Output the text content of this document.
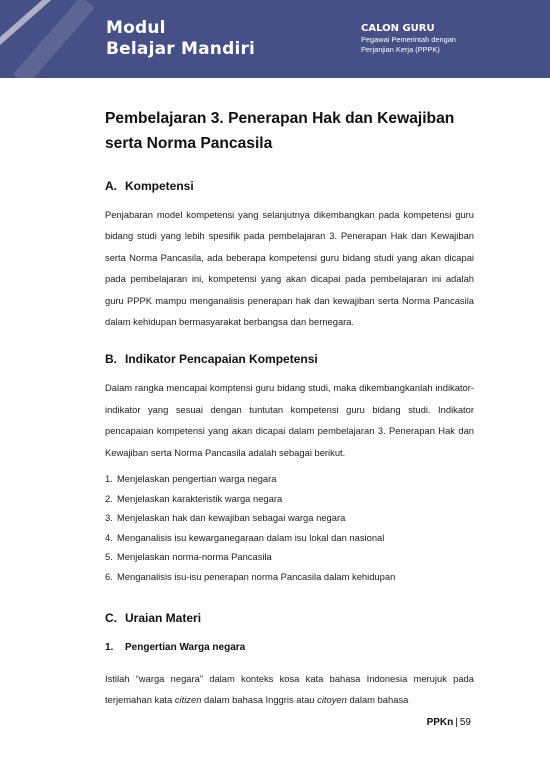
Modul
Belajar Mandiri
CALON GURU
Pegawai Pemerintah dengan
Perjanjian Kerja (PPPK)
Pembelajaran 3. Penerapan Hak dan Kewajiban
serta Norma Pancasila
A. Kompetensi

Penjabaran model kompetensi yang selanjutnya dikembangkan pada kompetensi guru bidang studi yang lebih spesifik pada pembelajaran 3. Penerapan Hak dan Kewajiban serta Norma Pancasila, ada beberapa kompetensi guru bidang studi yang akan dicapai pada pembelajaran ini, kompetensi yang akan dicapai pada pembelajaran ini adalah guru PPPK mampu menganalisis penerapan hak dan kewajiban serta Norma Pancasila dalam kehidupan bermasyarakat berbangsa dan bernegara.

B. Indikator Pencapaian Kompetensi

Dalam rangka mencapai komptensi guru bidang studi, maka dikembangkanlah indikator-indikator yang sesuai dengan tuntutan kompetensi guru bidang studi. Indikator pencapaian kompetensi yang akan dicapai dalam pembelajaran 3. Penerapan Hak dan Kewajiban serta Norma Pancasila adalah sebagai berikut.

1. Menjelaskan pengertian warga negara
2. Menjelaskan karakteristik warga negara
3. Menjelaskan hak dan kewajiban sebagai warga negara
4. Menganalisis isu kewarganegaraan dalam isu lokal dan nasional
5. Menjelaskan norma-norma Pancasila
6. Menganalisis isu-isu penerapan norma Pancasila dalam kehidupan
C. Uraian Materi
1. Pengertian Warga negara

Istilah “warga negara” dalam konteks kosa kata bahasa Indonesia merujuk pada terjemahan kata citizen dalam bahasa Inggris atau citoyen dalam bahasa

PPKn | 59
